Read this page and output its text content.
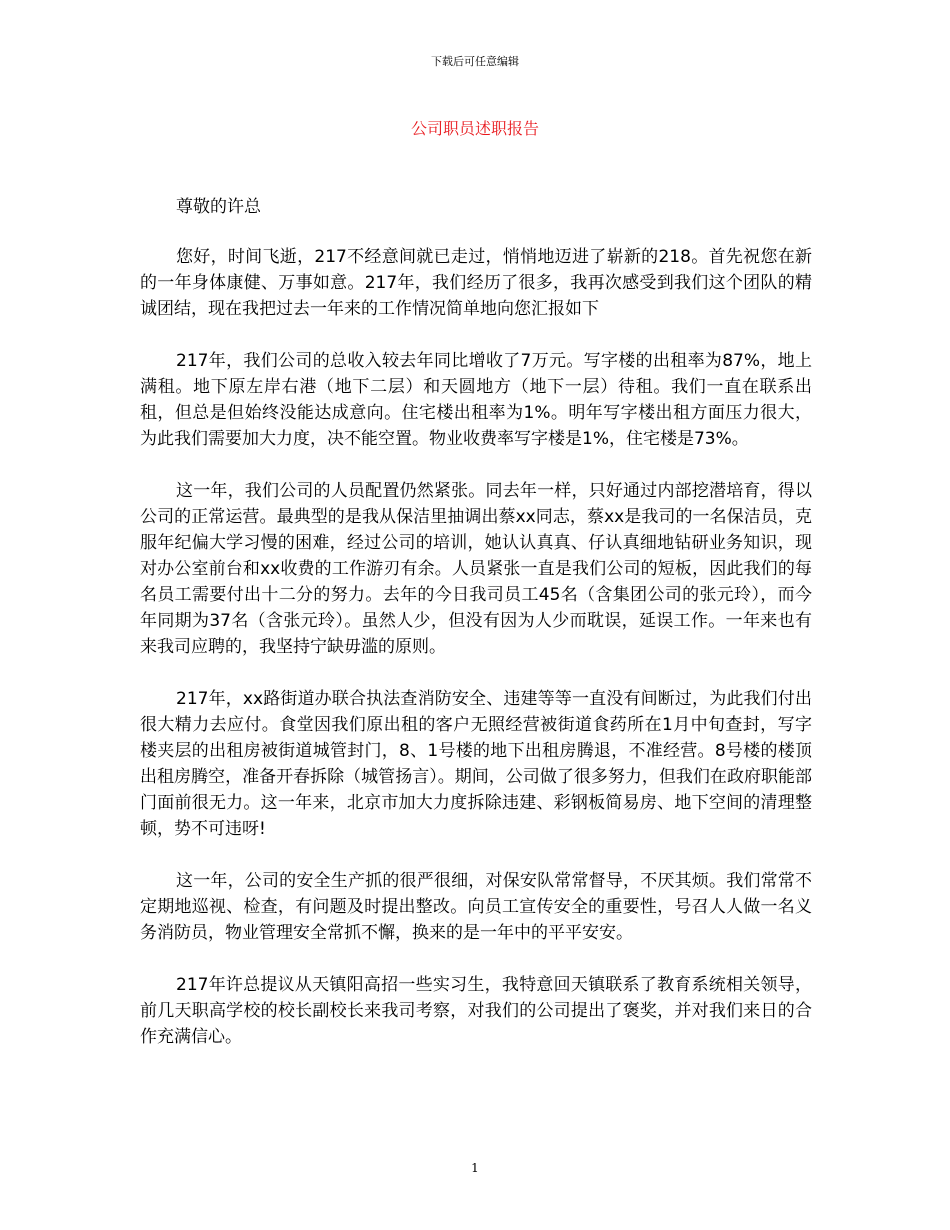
下载后可任意编辑
公司职员述职报告

尊敬的许总

您好，时间飞逝，217不经意间就已走过，悄悄地迈进了崭新的218。首先祝您在新的一年身体康健、万事如意。217年，我们经历了很多，我再次感受到我们这个团队的精诚团结，现在我把过去一年来的工作情况简单地向您汇报如下

217年，我们公司的总收入较去年同比增收了7万元。写字楼的出租率为87%，地上满租。地下原左岸右港（地下二层）和天圆地方（地下一层）待租。我们一直在联系出租，但总是但始终没能达成意向。住宅楼出租率为1%。明年写字楼出租方面压力很大，为此我们需要加大力度，决不能空置。物业收费率写字楼是1%，住宅楼是73%。

这一年，我们公司的人员配置仍然紧张。同去年一样，只好通过内部挖潜培育，得以公司的正常运营。最典型的是我从保洁里抽调出蔡xx同志，蔡xx是我司的一名保洁员，克服年纪偏大学习慢的困难，经过公司的培训，她认认真真、仔认真细地钻研业务知识，现对办公室前台和xx收费的工作游刃有余。人员紧张一直是我们公司的短板，因此我们的每名员工需要付出十二分的努力。去年的今日我司员工45名（含集团公司的张元玲），而今年同期为37名（含张元玲）。虽然人少，但没有因为人少而耽误，延误工作。一年来也有来我司应聘的，我坚持宁缺毋滥的原则。

217年，xx路街道办联合执法查消防安全、违建等等一直没有间断过，为此我们付出很大精力去应付。食堂因我们原出租的客户无照经营被街道食药所在1月中旬查封，写字楼夹层的出租房被街道城管封门，8、1号楼的地下出租房腾退，不准经营。8号楼的楼顶出租房腾空，准备开春拆除（城管扬言）。期间，公司做了很多努力，但我们在政府职能部门面前很无力。这一年来，北京市加大力度拆除违建、彩钢板简易房、地下空间的清理整顿，势不可违呀!

这一年，公司的安全生产抓的很严很细，对保安队常常督导，不厌其烦。我们常常不定期地巡视、检查，有问题及时提出整改。向员工宣传安全的重要性，号召人人做一名义务消防员，物业管理安全常抓不懈，换来的是一年中的平平安安。

217年许总提议从天镇阳高招一些实习生，我特意回天镇联系了教育系统相关领导，前几天职高学校的校长副校长来我司考察，对我们的公司提出了褒奖，并对我们来日的合作充满信心。

1
